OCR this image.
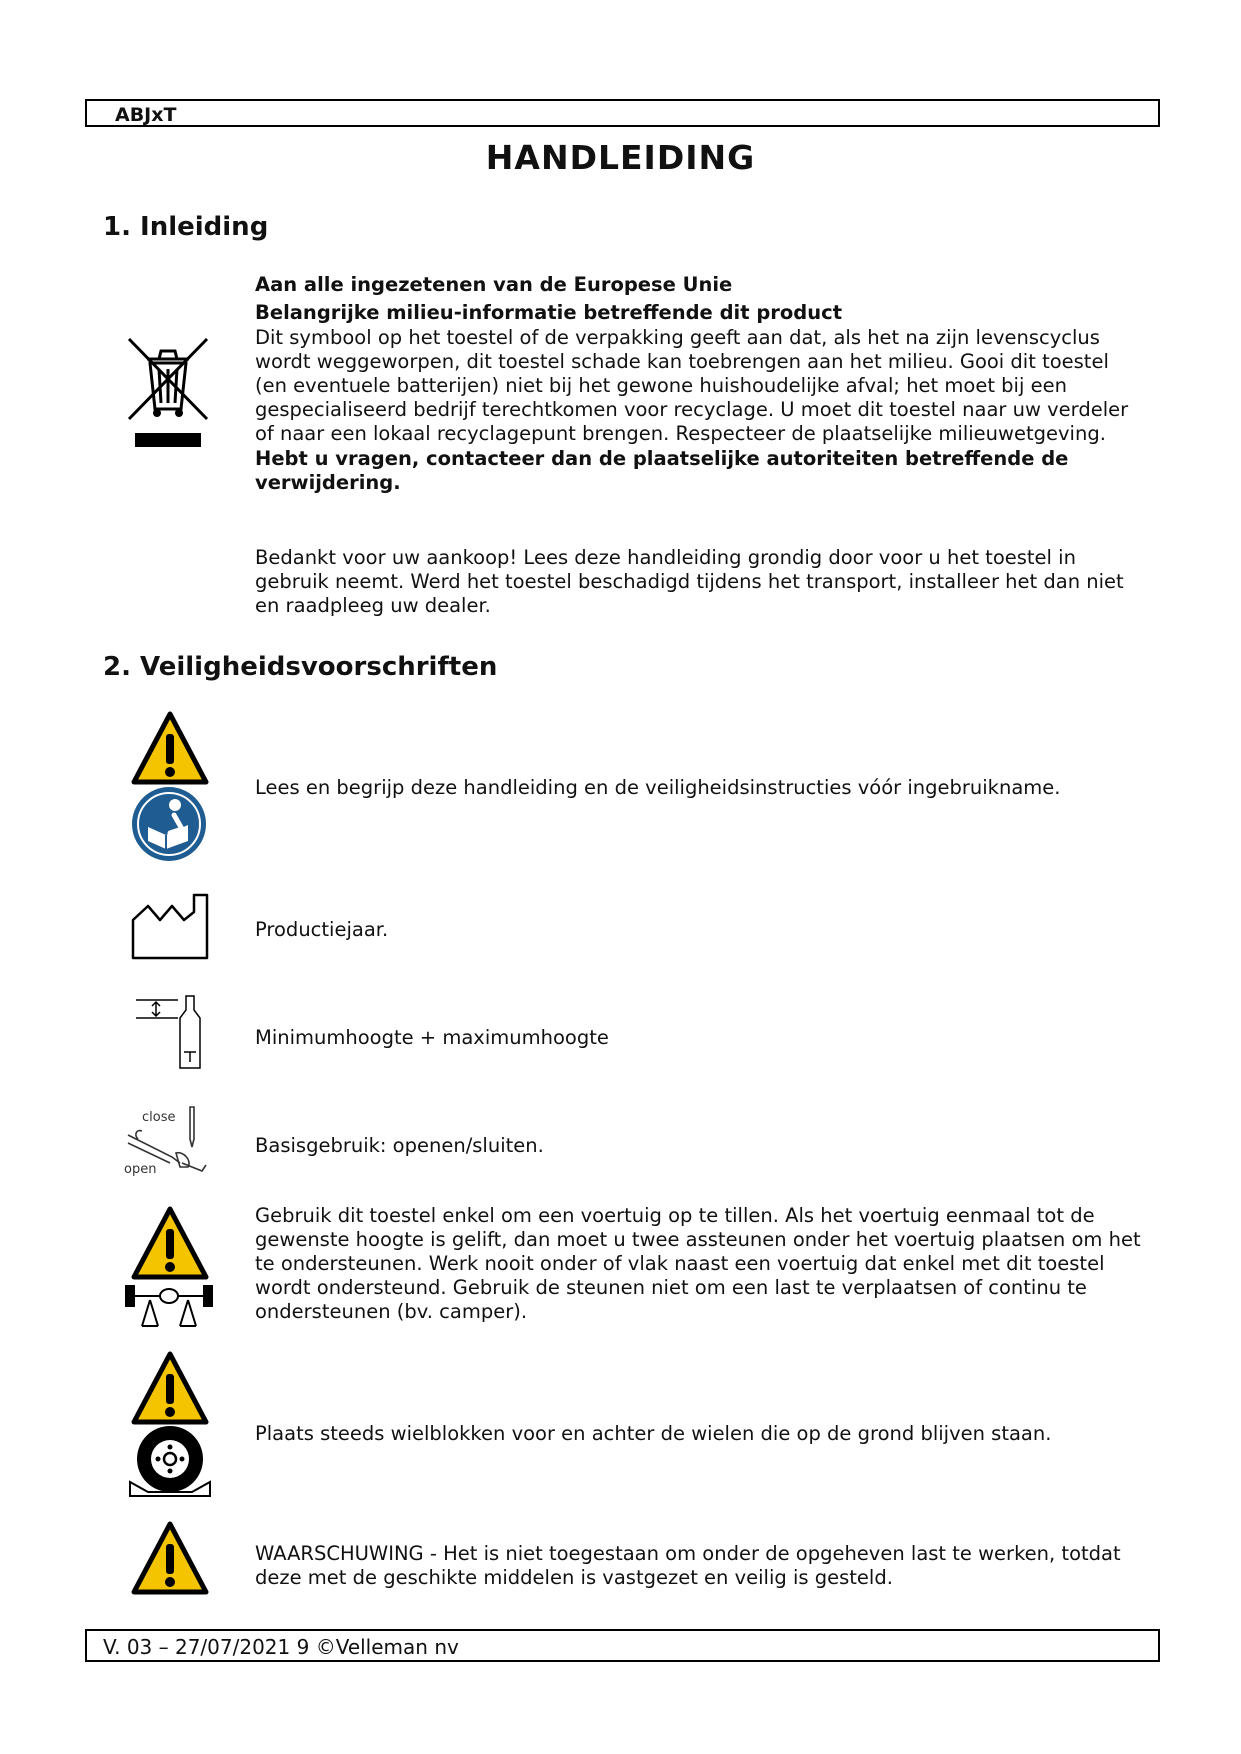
ABJxT
HANDLEIDING
1. Inleiding
Aan alle ingezetenen van de Europese Unie
Belangrijke milieu-informatie betreffende dit product
Dit symbool op het toestel of de verpakking geeft aan dat, als het na zijn levenscyclus wordt weggeworpen, dit toestel schade kan toebrengen aan het milieu. Gooi dit toestel (en eventuele batterijen) niet bij het gewone huishoudelijke afval; het moet bij een gespecialiseerd bedrijf terechtkomen voor recyclage. U moet dit toestel naar uw verdeler of naar een lokaal recyclagepunt brengen. Respecteer de plaatselijke milieuwetgeving.
Hebt u vragen, contacteer dan de plaatselijke autoriteiten betreffende de verwijdering.
Bedankt voor uw aankoop! Lees deze handleiding grondig door voor u het toestel in gebruik neemt. Werd het toestel beschadigd tijdens het transport, installeer het dan niet en raadpleeg uw dealer.
2. Veiligheidsvoorschriften
Lees en begrijp deze handleiding en de veiligheidsinstructies vóór ingebruikname.
Productiejaar.
Minimumhoogte + maximumhoogte
close
open
Basisgebruik: openen/sluiten.
Gebruik dit toestel enkel om een voertuig op te tillen. Als het voertuig eenmaal tot de gewenste hoogte is gelift, dan moet u twee assteunen onder het voertuig plaatsen om het te ondersteunen. Werk nooit onder of vlak naast een voertuig dat enkel met dit toestel wordt ondersteund. Gebruik de steunen niet om een last te verplaatsen of continu te ondersteunen (bv. camper).
Plaats steeds wielblokken voor en achter de wielen die op de grond blijven staan.
WAARSCHUWING - Het is niet toegestaan om onder de opgeheven last te werken, totdat deze met de geschikte middelen is vastgezet en veilig is gesteld.
V. 03 – 27/07/2021 9 ©Velleman nv
